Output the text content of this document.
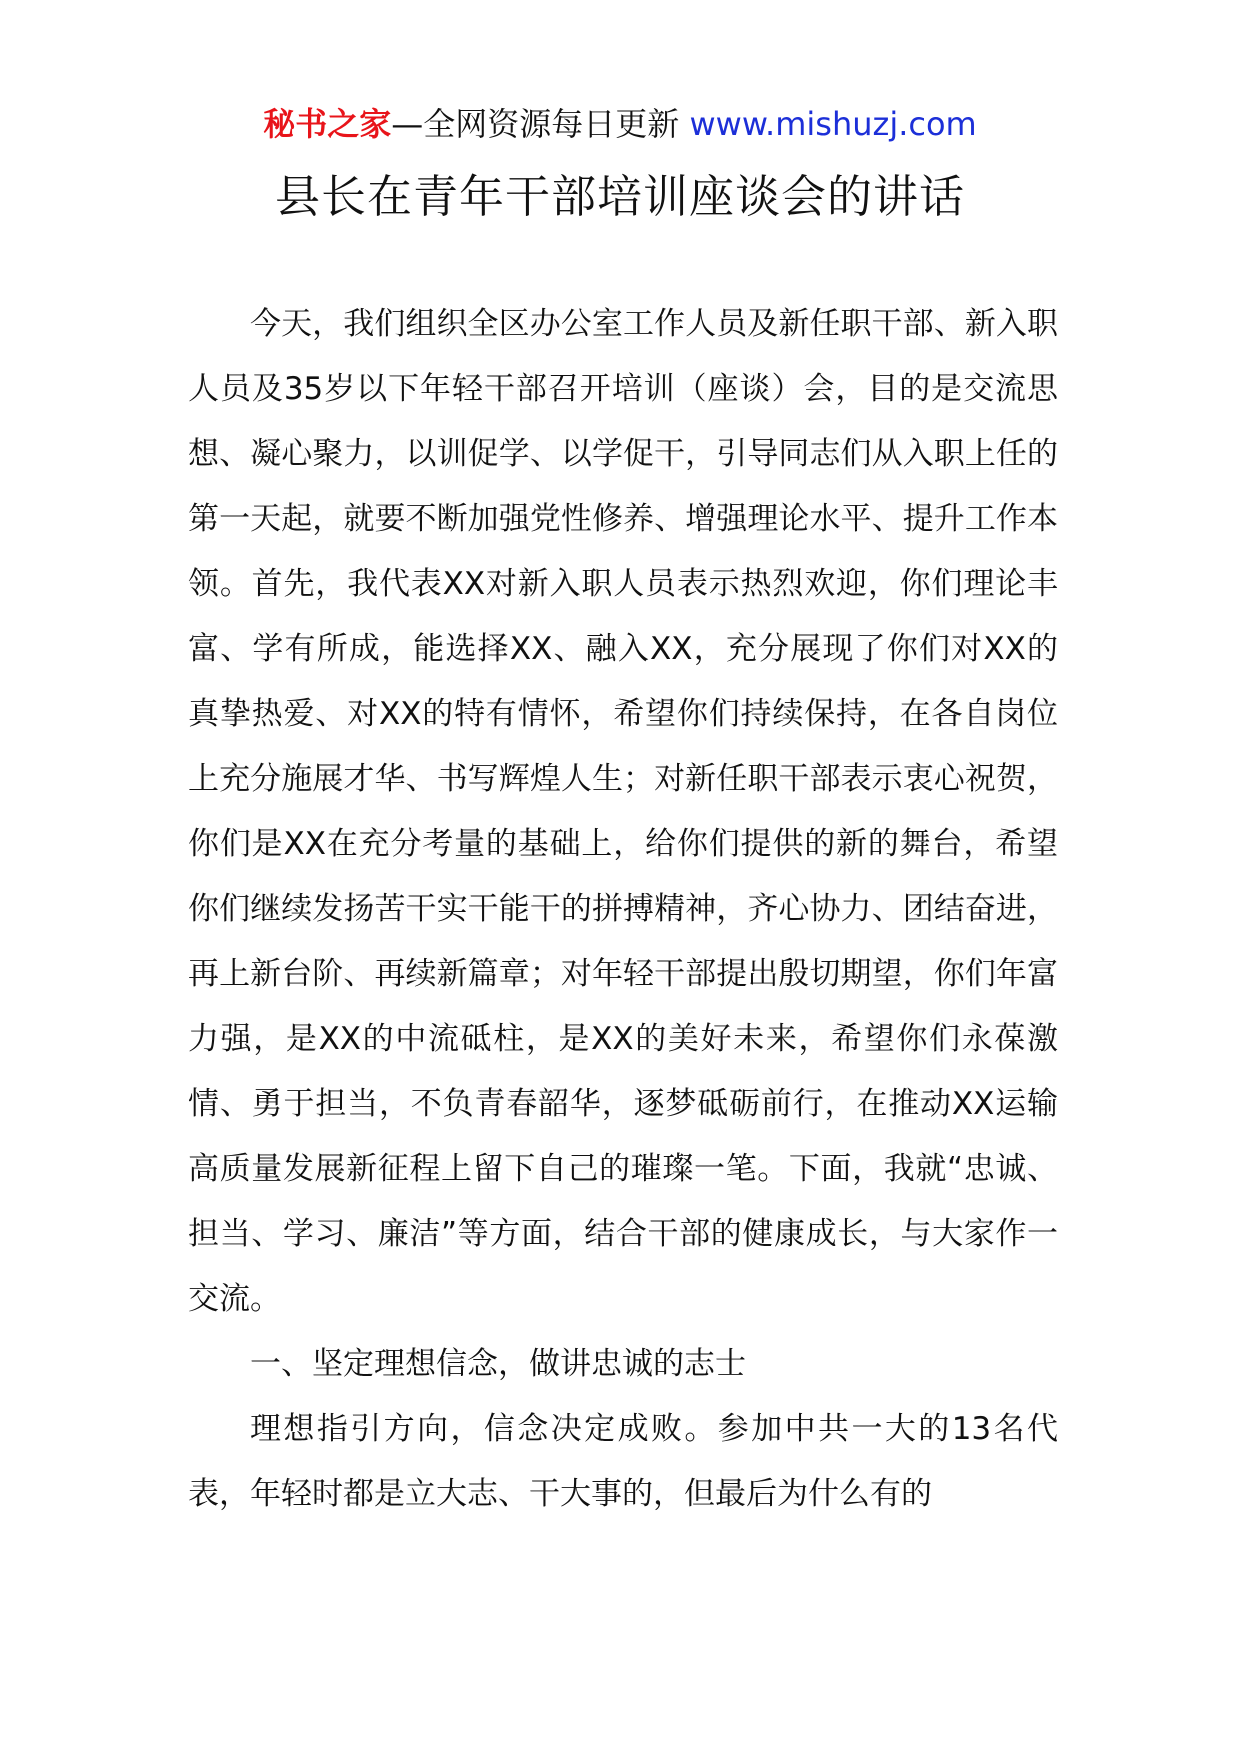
秘书之家—全网资源每日更新 www.mishuzj.com
县长在青年干部培训座谈会的讲话

今天，我们组织全区办公室工作人员及新任职干部、新入职人员及35岁以下年轻干部召开培训（座谈）会，目的是交流思想、凝心聚力，以训促学、以学促干，引导同志们从入职上任的第一天起，就要不断加强党性修养、增强理论水平、提升工作本领。首先，我代表XX对新入职人员表示热烈欢迎，你们理论丰富、学有所成，能选择XX、融入XX，充分展现了你们对XX的真挚热爱、对XX的特有情怀，希望你们持续保持，在各自岗位上充分施展才华、书写辉煌人生；对新任职干部表示衷心祝贺，你们是XX在充分考量的基础上，给你们提供的新的舞台，希望你们继续发扬苦干实干能干的拼搏精神，齐心协力、团结奋进，再上新台阶、再续新篇章；对年轻干部提出殷切期望，你们年富力强，是XX的中流砥柱，是XX的美好未来，希望你们永葆激情、勇于担当，不负青春韶华，逐梦砥砺前行，在推动XX运输高质量发展新征程上留下自己的璀璨一笔。下面，我就“忠诚、担当、学习、廉洁”等方面，结合干部的健康成长，与大家作一交流。

一、坚定理想信念，做讲忠诚的志士

理想指引方向，信念决定成败。参加中共一大的13名代表，年轻时都是立大志、干大事的，但最后为什么有的
